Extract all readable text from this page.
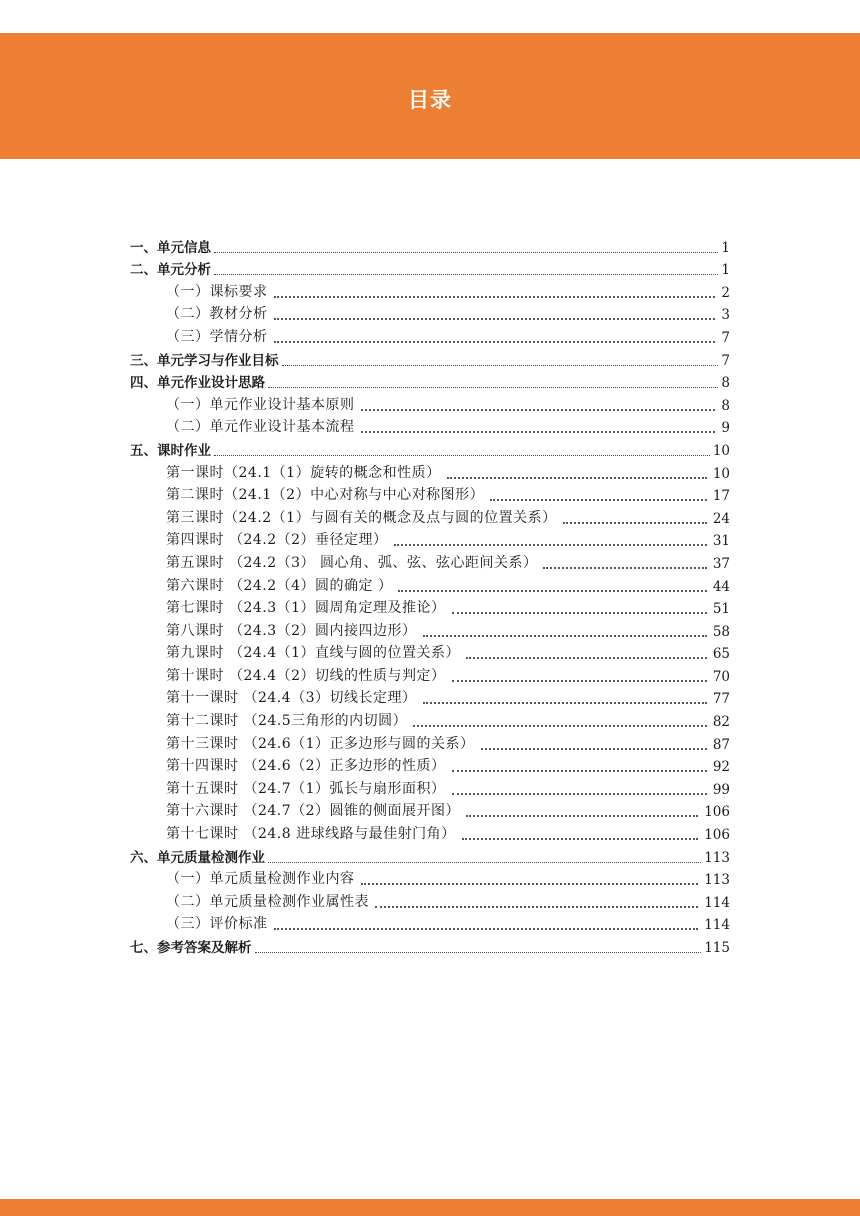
目录
一、单元信息	1
二、单元分析	1
（一）课标要求	2
（二）教材分析	3
（三）学情分析	7
三、单元学习与作业目标	7
四、单元作业设计思路	8
（一）单元作业设计基本原则	8
（二）单元作业设计基本流程	9
五、课时作业	10
第一课时（24.1（1）旋转的概念和性质）	10
第二课时（24.1（2）中心对称与中心对称图形）	17
第三课时（24.2（1）与圆有关的概念及点与圆的位置关系）	24
第四课时 （24.2（2）垂径定理）	31
第五课时 （24.2（3） 圆心角、弧、弦、弦心距间关系）	37
第六课时 （24.2（4）圆的确定 ）	44
第七课时 （24.3（1）圆周角定理及推论）	51
第八课时 （24.3（2）圆内接四边形）	58
第九课时 （24.4（1）直线与圆的位置关系）	65
第十课时 （24.4（2）切线的性质与判定）	70
第十一课时 （24.4（3）切线长定理）	77
第十二课时 （24.5三角形的内切圆）	82
第十三课时 （24.6（1）正多边形与圆的关系）	87
第十四课时 （24.6（2）正多边形的性质）	92
第十五课时 （24.7（1）弧长与扇形面积）	99
第十六课时 （24.7（2）圆锥的侧面展开图）	106
第十七课时 （24.8 进球线路与最佳射门角）	106
六、单元质量检测作业	113
（一）单元质量检测作业内容	113
（二）单元质量检测作业属性表	114
（三）评价标准	114
七、参考答案及解析	115
